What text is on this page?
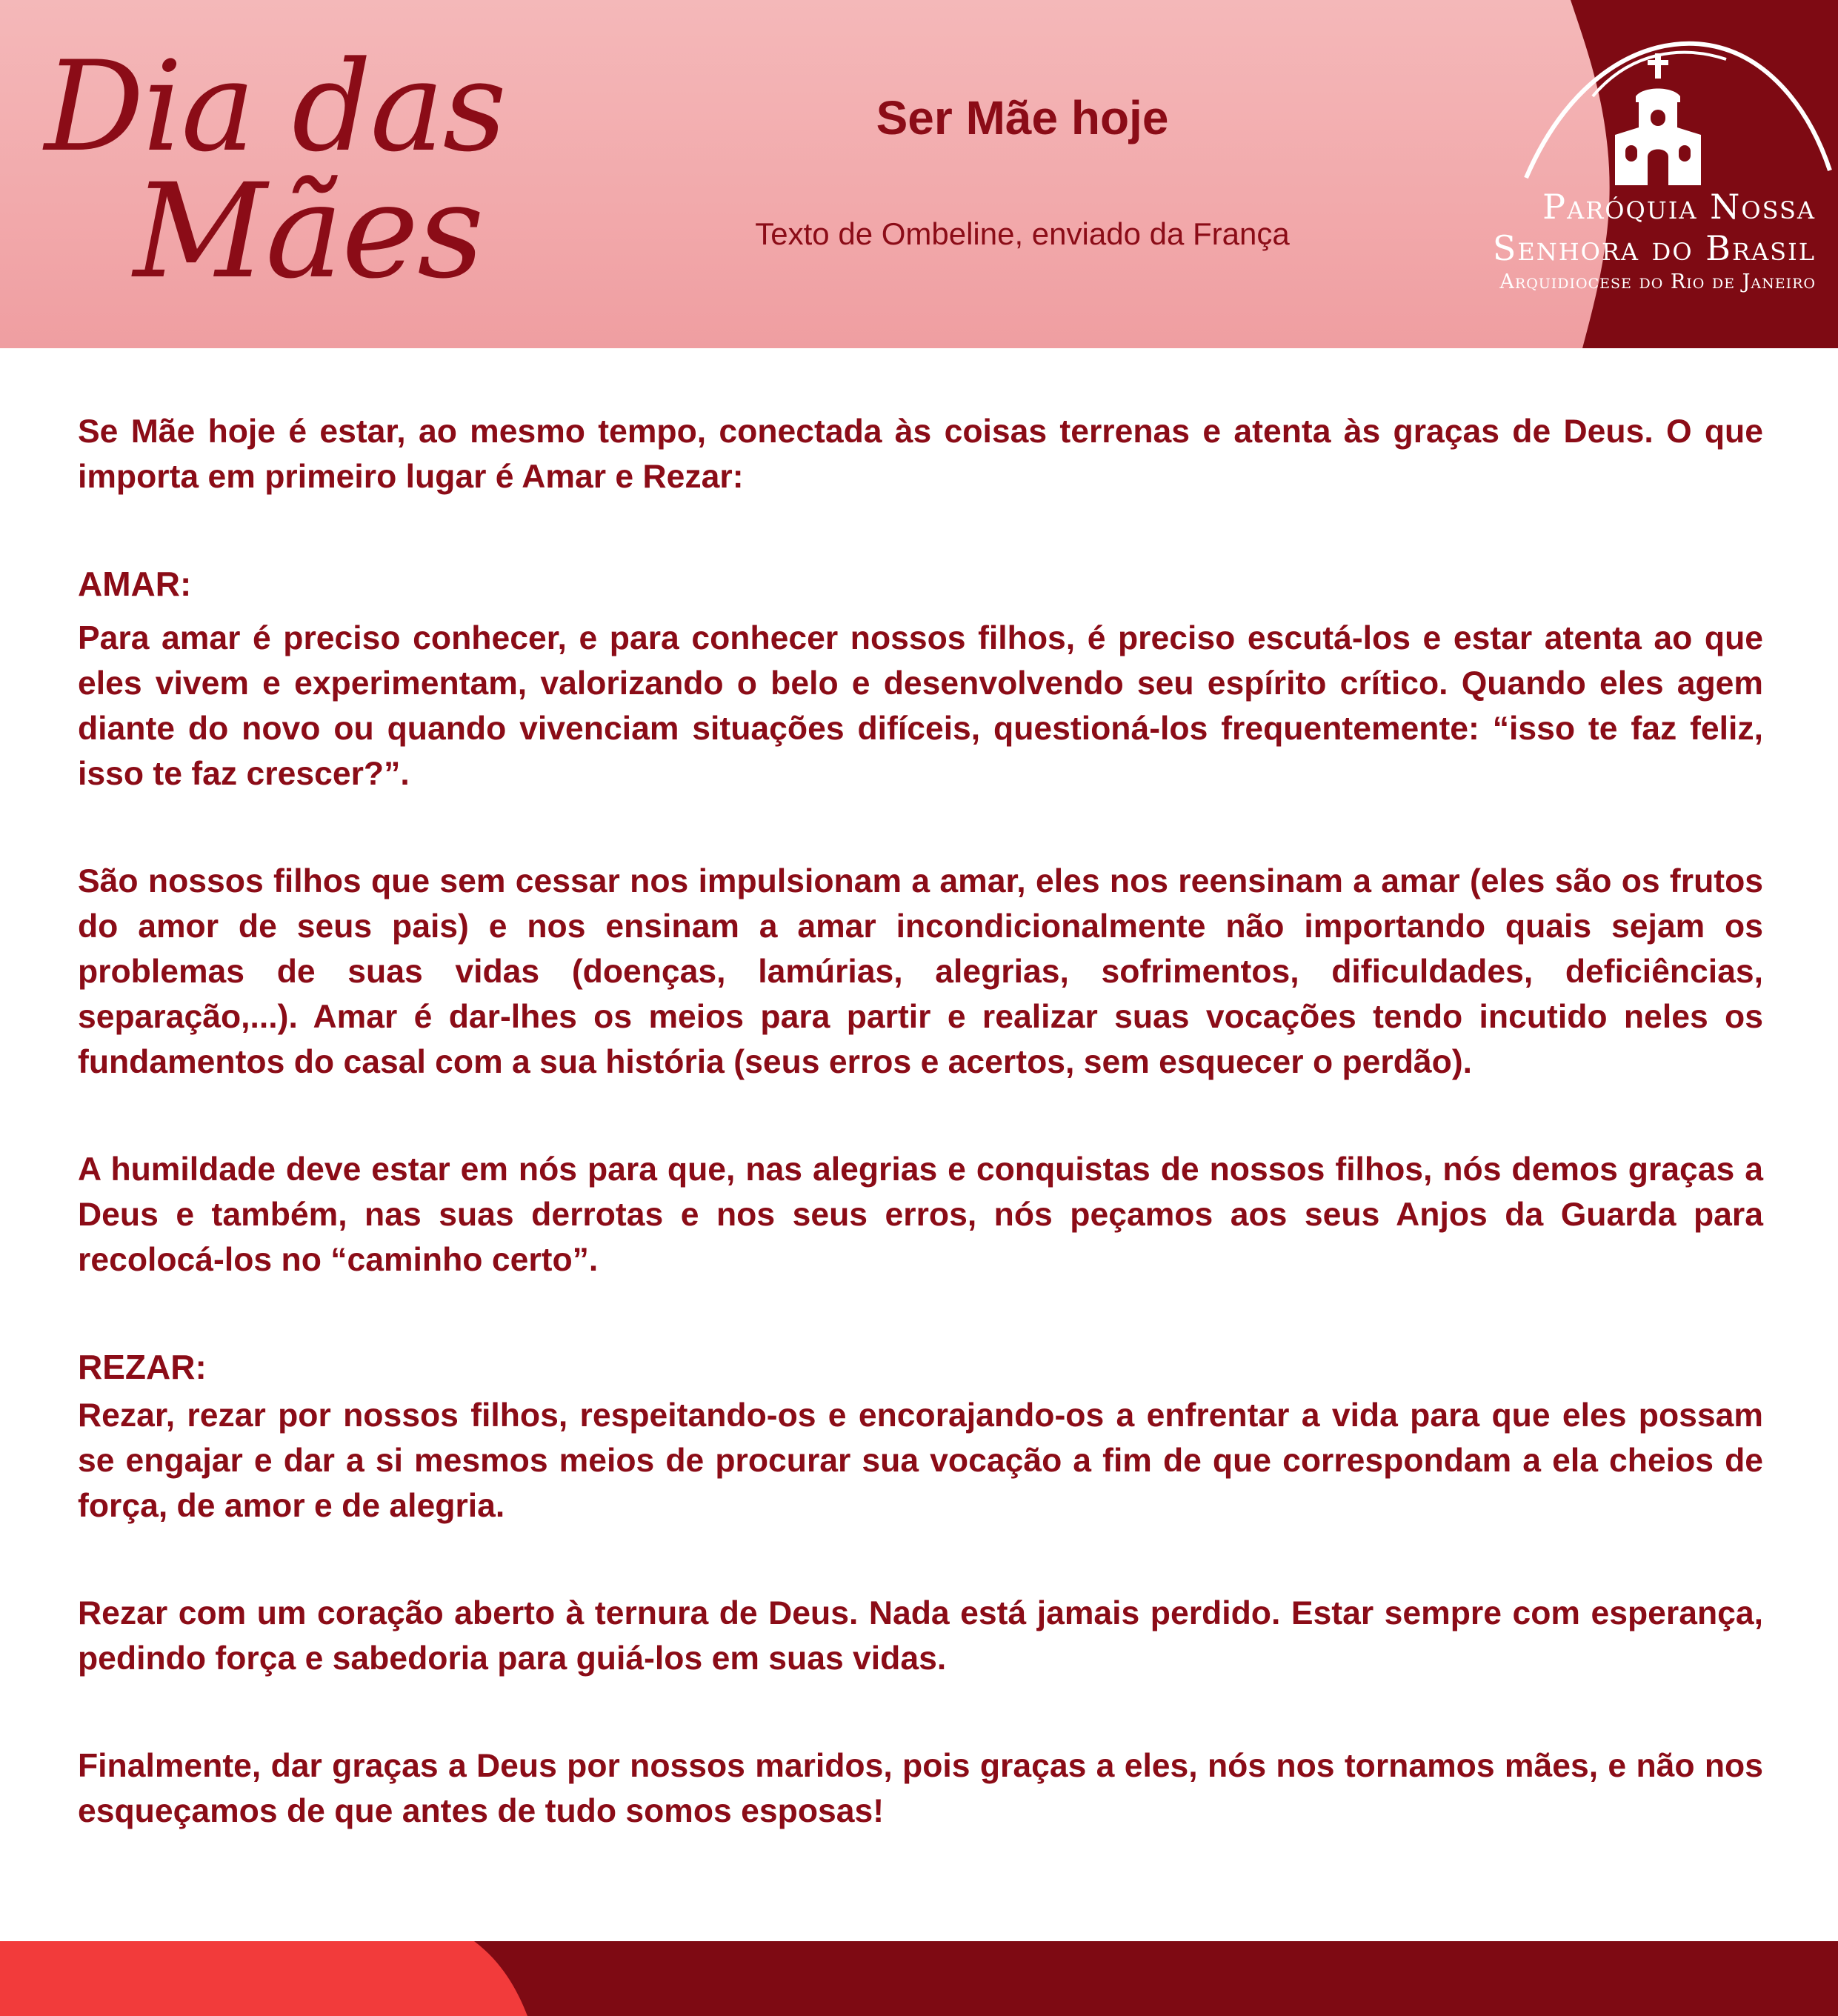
Dia das
Mães
Ser Mãe hoje
Texto de Ombeline, enviado da França
Paróquia Nossa
Senhora do Brasil
Arquidiocese do Rio de Janeiro

Se Mãe hoje é estar, ao mesmo tempo, conectada às coisas terrenas e atenta às graças de Deus. O que importa em primeiro lugar é Amar e Rezar:

AMAR:

Para amar é preciso conhecer, e para conhecer nossos filhos, é preciso escutá-los e estar atenta ao que eles vivem e experimentam, valorizando o belo e desenvolvendo seu espírito crítico. Quando eles agem diante do novo ou quando vivenciam situações difíceis, questioná-los frequentemente: “isso te faz feliz, isso te faz crescer?”.

São nossos filhos que sem cessar nos impulsionam a amar, eles nos reensinam a amar (eles são os frutos do amor de seus pais) e nos ensinam a amar incondicionalmente não importando quais sejam os problemas de suas vidas (doenças, lamúrias, alegrias, sofrimentos, dificuldades, deficiências, separação,...). Amar é dar-lhes os meios para partir e realizar suas vocações tendo incutido neles os fundamentos do casal com a sua história (seus erros e acertos, sem esquecer o perdão).

A humildade deve estar em nós para que, nas alegrias e conquistas de nossos filhos, nós demos graças a Deus e também, nas suas derrotas e nos seus erros, nós peçamos aos seus Anjos da Guarda para recolocá-los no “caminho certo”.

REZAR:

Rezar, rezar por nossos filhos, respeitando-os e encorajando-os a enfrentar a vida para que eles possam se engajar e dar a si mesmos meios de procurar sua vocação a fim de que correspondam a ela cheios de força, de amor e de alegria.

Rezar com um coração aberto à ternura de Deus. Nada está jamais perdido. Estar sempre com esperança, pedindo força e sabedoria para guiá-los em suas vidas.

Finalmente, dar graças a Deus por nossos maridos, pois graças a eles, nós nos tornamos mães, e não nos esqueçamos de que antes de tudo somos esposas!
